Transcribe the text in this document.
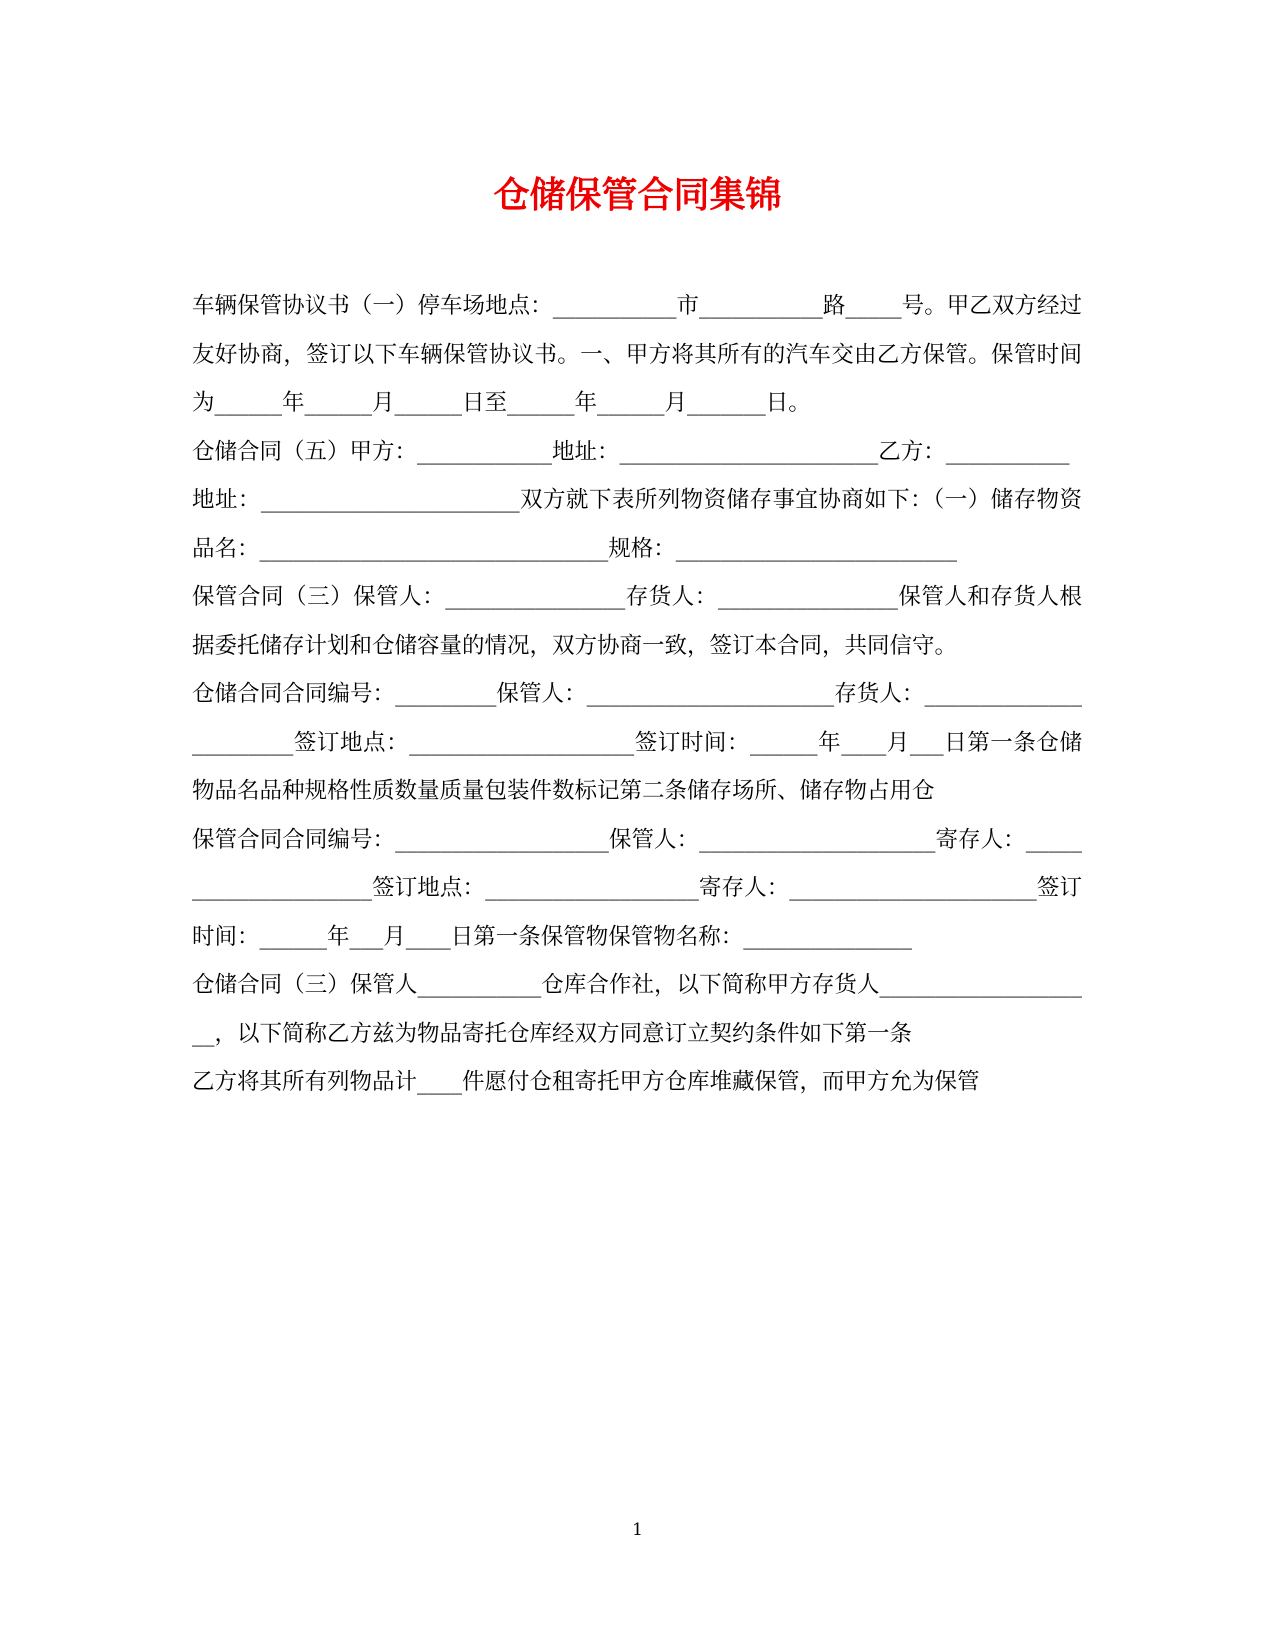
仓储保管合同集锦

车辆保管协议书（一）停车场地点：___________市___________路_____号。甲乙双方经过友好协商，签订以下车辆保管协议书。一、甲方将其所有的汽车交由乙方保管。保管时间为______年______月______日至______年______月_______日。

仓储合同（五）甲方：____________地址：_______________________乙方：___________

地址：_______________________双方就下表所列物资储存事宜协商如下：（一）储存物资品名：_______________________________规格：_________________________

保管合同（三）保管人：________________存货人：________________保管人和存货人根据委托储存计划和仓储容量的情况，双方协商一致，签订本合同，共同信守。

仓储合同合同编号：_________保管人：______________________存货人：_______________________签订地点：____________________签订时间：______年____月___日第一条仓储物品名品种规格性质数量质量包装件数标记第二条储存场所、储存物占用仓

保管合同合同编号：___________________保管人：_____________________寄存人：_____________________签订地点：___________________寄存人：______________________签订时间：______年___月____日第一条保管物保管物名称：_______________

仓储合同（三）保管人___________仓库合作社，以下简称甲方存货人____________________，以下简称乙方兹为物品寄托仓库经双方同意订立契约条件如下第一条

乙方将其所有列物品计____件愿付仓租寄托甲方仓库堆藏保管，而甲方允为保管

1
